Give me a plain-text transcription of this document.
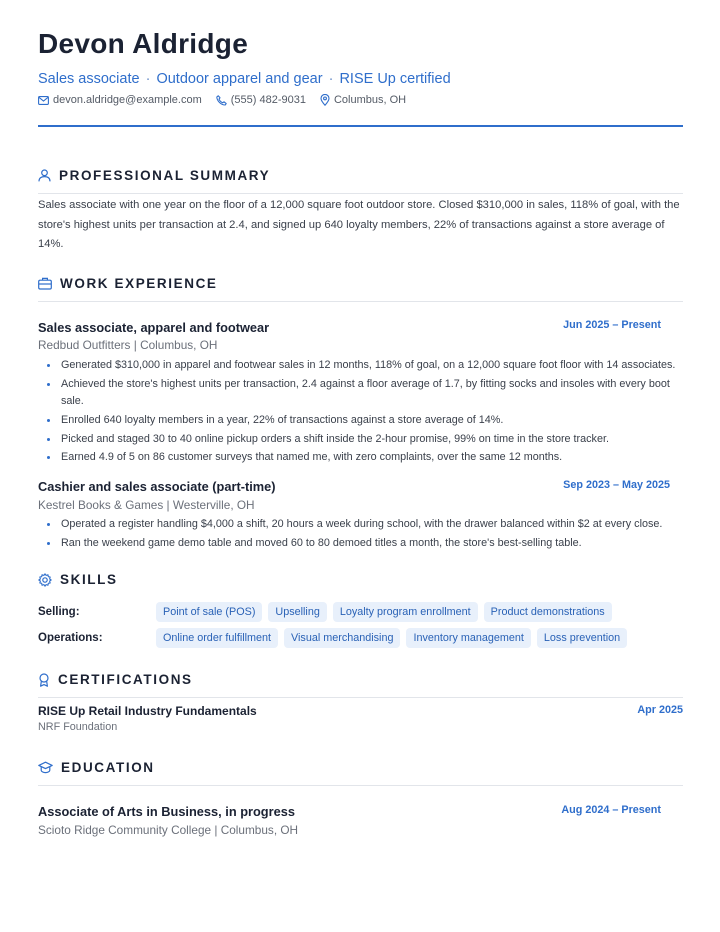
Devon Aldridge
Sales associate · Outdoor apparel and gear · RISE Up certified
devon.aldridge@example.com	(555) 482-9031	Columbus, OH
PROFESSIONAL SUMMARY
Sales associate with one year on the floor of a 12,000 square foot outdoor store. Closed $310,000 in sales, 118% of goal, with the store's highest units per transaction at 2.4, and signed up 640 loyalty members, 22% of transactions against a store average of 14%.
WORK EXPERIENCE
Sales associate, apparel and footwear	Jun 2025 – Present
Redbud Outfitters | Columbus, OH
Generated $310,000 in apparel and footwear sales in 12 months, 118% of goal, on a 12,000 square foot floor with 14 associates.
Achieved the store's highest units per transaction, 2.4 against a floor average of 1.7, by fitting socks and insoles with every boot sale.
Enrolled 640 loyalty members in a year, 22% of transactions against a store average of 14%.
Picked and staged 30 to 40 online pickup orders a shift inside the 2-hour promise, 99% on time in the store tracker.
Earned 4.9 of 5 on 86 customer surveys that named me, with zero complaints, over the same 12 months.
Cashier and sales associate (part-time)	Sep 2023 – May 2025
Kestrel Books & Games | Westerville, OH
Operated a register handling $4,000 a shift, 20 hours a week during school, with the drawer balanced within $2 at every close.
Ran the weekend game demo table and moved 60 to 80 demoed titles a month, the store's best-selling table.
SKILLS
Selling:	Point of sale (POS)	Upselling	Loyalty program enrollment	Product demonstrations
Operations:	Online order fulfillment	Visual merchandising	Inventory management	Loss prevention
CERTIFICATIONS
RISE Up Retail Industry Fundamentals	Apr 2025
NRF Foundation
EDUCATION
Associate of Arts in Business, in progress	Aug 2024 – Present
Scioto Ridge Community College | Columbus, OH
